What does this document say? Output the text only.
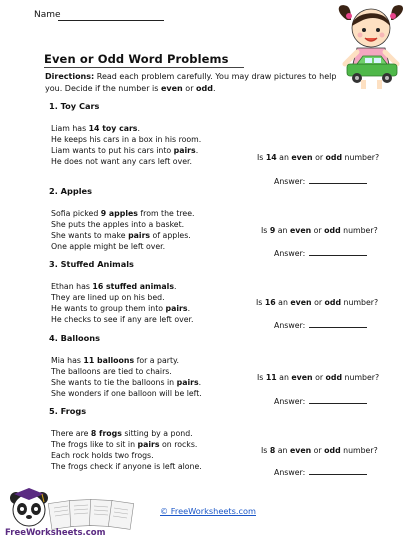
Name
Even or Odd Word Problems
Directions: Read each problem carefully. You may draw pictures to help
you. Decide if the number is even or odd.
1. Toy Cars
Liam has 14 toy cars.
He keeps his cars in a box in his room.
Liam wants to put his cars into pairs.
He does not want any cars left over.	Is 14 an even or odd number?
Answer:
2. Apples
Sofia picked 9 apples from the tree.
She puts the apples into a basket.
She wants to make pairs of apples.
One apple might be left over.
Is 9 an even or odd number?
Answer:
3. Stuffed Animals
Ethan has 16 stuffed animals.
They are lined up on his bed.
He wants to group them into pairs.
He checks to see if any are left over.
Is 16 an even or odd number?
Answer:
4. Balloons
Mia has 11 balloons for a party.
The balloons are tied to chairs.
She wants to tie the balloons in pairs.
She wonders if one balloon will be left.
Is 11 an even or odd number?
Answer:
5. Frogs
There are 8 frogs sitting by a pond.
The frogs like to sit in pairs on rocks.
Each rock holds two frogs.
The frogs check if anyone is left alone.
Is 8 an even or odd number?
Answer:
FreeWorksheets.com
© FreeWorksheets.com
